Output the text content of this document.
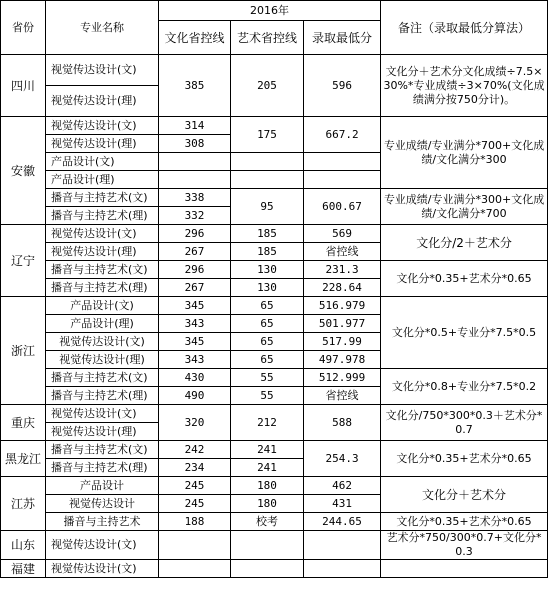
省份	专业名称	2016年			备注（录取最低分算法）
		文化省控线	艺术省控线	录取最低分	
四川	视觉传达设计(文)	385	205	596	文化分＋艺术分文化成绩÷7.5×30%*专业成绩÷3×70%(文化成绩满分按750分计)。
	视觉传达设计(理)				
安徽	视觉传达设计(文)	314	175	667.2	专业成绩/专业满分*700+文化成绩/文化满分*300
	视觉传达设计(理)	308			
	产品设计(文)				
	产品设计(理)				
	播音与主持艺术(文)	338	95	600.67	专业成绩/专业满分*300+文化成绩/文化满分*700
	播音与主持艺术(理)	332			
辽宁	视觉传达设计(文)	296	185	569	文化分/2＋艺术分
	视觉传达设计(理)	267	185	省控线	
	播音与主持艺术(文)	296	130	231.3	文化分*0.35+艺术分*0.65
	播音与主持艺术(理)	267	130	228.64	
浙江	产品设计(文)	345	65	516.979	文化分*0.5+专业分*7.5*0.5
	产品设计(理)	343	65	501.977	
	视觉传达设计(文)	345	65	517.99	
	视觉传达设计(理)	343	65	497.978	
	播音与主持艺术(文)	430	55	512.999	文化分*0.8+专业分*7.5*0.2
	播音与主持艺术(理)	490	55	省控线	
重庆	视觉传达设计(文)	320	212	588	文化分/750*300*0.3＋艺术分*0.7
	视觉传达设计(理)				
黑龙江	播音与主持艺术(文)	242	241	254.3	文化分*0.35+艺术分*0.65
	播音与主持艺术(理)	234	241		
江苏	产品设计	245	180	462	文化分＋艺术分
	视觉传达设计	245	180	431	
	播音与主持艺术	188	校考	244.65	文化分*0.35+艺术分*0.65
山东	视觉传达设计(文)				艺术分*750/300*0.7+文化分*0.3
福建	视觉传达设计(文)				
